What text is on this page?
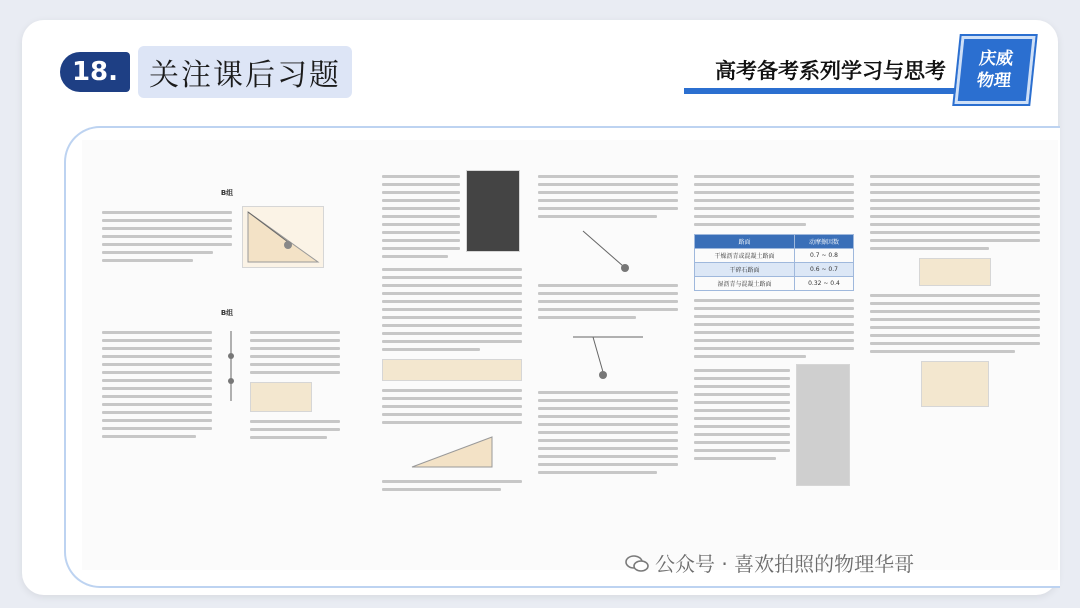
18.	关注课后习题	高考备考系列学习与思考 庆威
物理
B组
B组
路面	动摩擦因数
干燥沥青或混凝土路面	0.7 ~ 0.8
干碎石路面	0.6 ~ 0.7
湿沥青与混凝土路面	0.32 ~ 0.4
公众号 · 喜欢拍照的物理华哥
